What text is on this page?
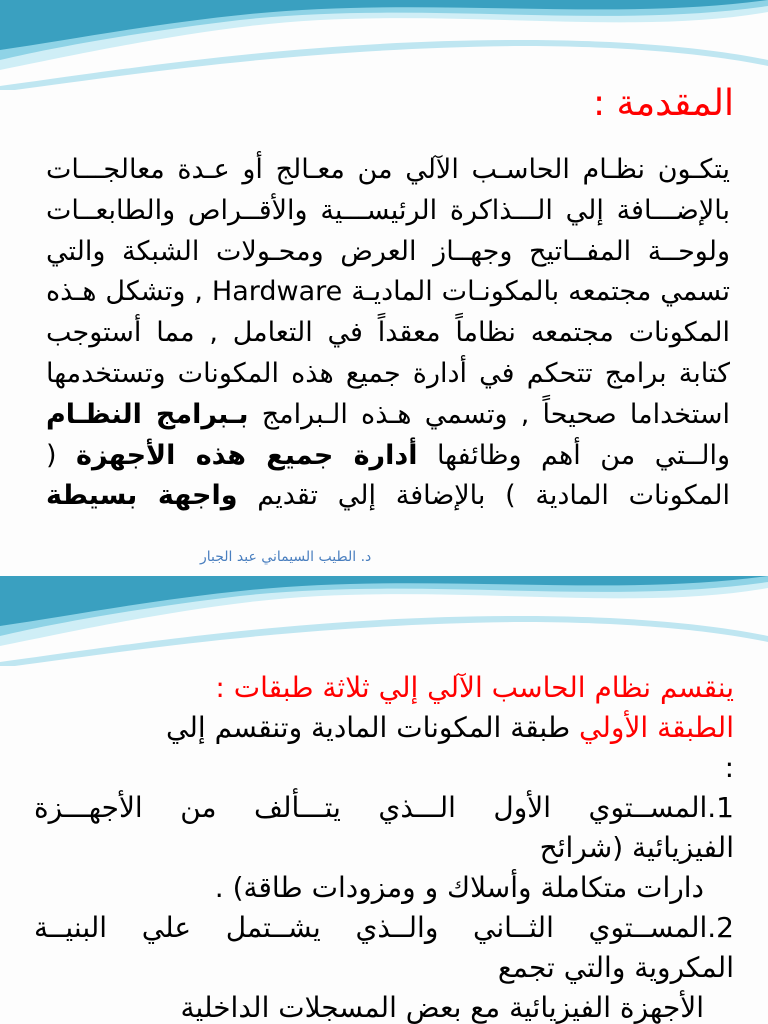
المقدمة :

يتكـون نظـام الحاسـب الآلي من معـالج أو عـدة معالجـــات بالإضـــافة إلي الـــذاكرة الرئيســـية والأقــراص والطابعــات ولوحــة المفــاتيح وجهــاز العرض ومحـولات الشبكة والتي تسمي مجتمعه بالمكونـات الماديـة Hardware , وتشكل هـذه المكونات مجتمعه نظاماً معقداً في التعامل , مما أستوجب كتابة برامج تتحكم في أدارة جميع هذه المكونات وتستخدمها استخداما صحيحاً , وتسمي هـذه الـبرامج بـبرامج النظـام والــتي من أهم وظائفها أدارة جميع هذه الأجهزة ( المكونات المادية ) بالإضافة إلي تقديم واجهة بسيطة

د. الطيب السيماني عبد الجبار
ينقسم نظام الحاسب الآلي إلي ثلاثة طبقات :
الطبقة الأولي طبقة المكونات المادية وتنقسم إلي
:
1.المســتوي الأول الـــذي يتـــألف من الأجهـــزة
الفيزيائية (شرائح
دارات متكاملة وأسلاك و ومزودات طاقة) .
2.المســتوي الثــاني والــذي يشــتمل علي البنيــة
المكروية والتي تجمع
الأجهزة الفيزيائية مع بعض المسجلات الداخلية
